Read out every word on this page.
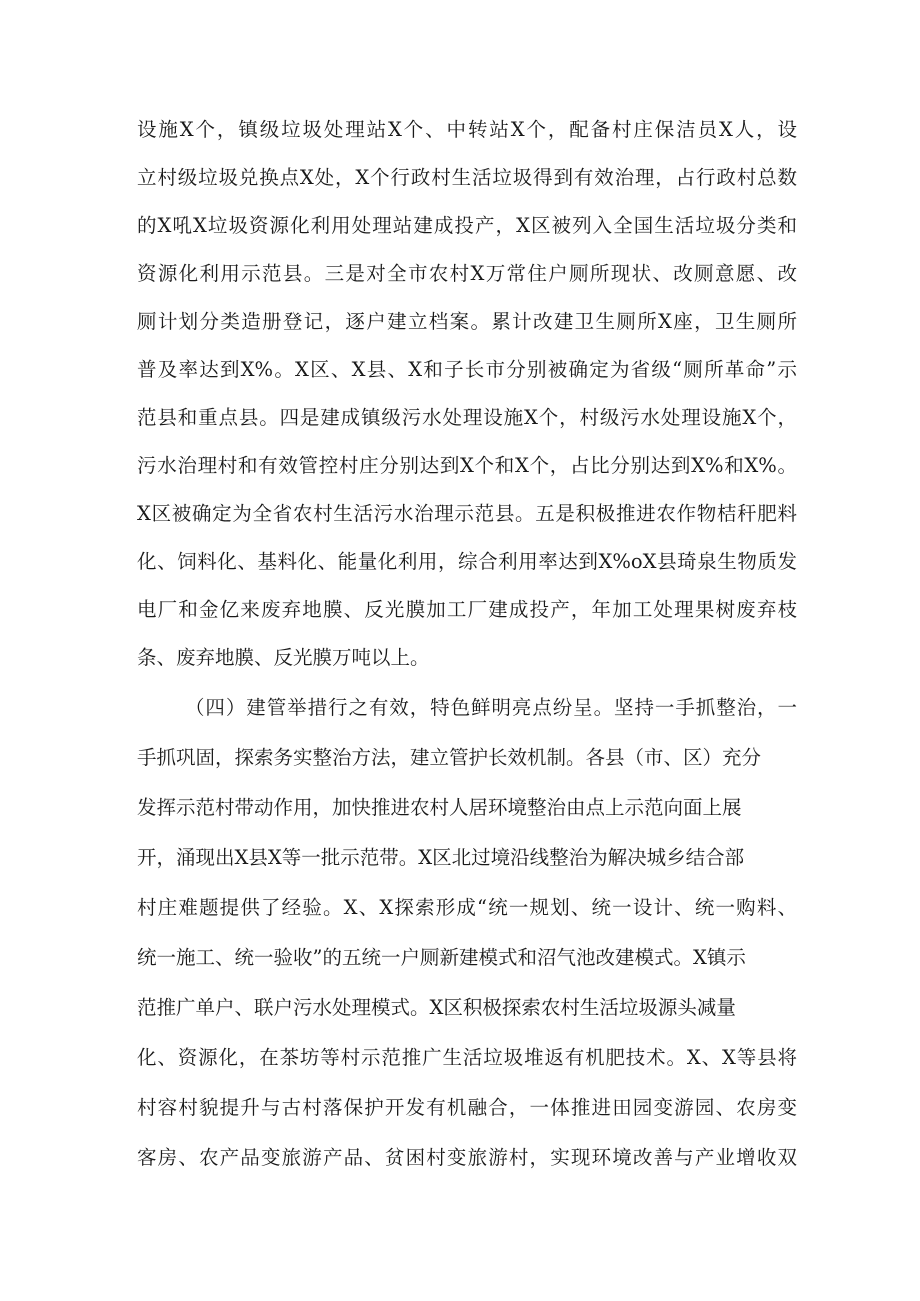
设施X个，镇级垃圾处理站X个、中转站X个，配备村庄保洁员X人，设
立村级垃圾兑换点X处，X个行政村生活垃圾得到有效治理，占行政村总数
的X吼X垃圾资源化利用处理站建成投产，X区被列入全国生活垃圾分类和
资源化利用示范县。三是对全市农村X万常住户厕所现状、改厕意愿、改
厕计划分类造册登记，逐户建立档案。累计改建卫生厕所X座，卫生厕所
普及率达到X%。X区、X县、X和子长市分别被确定为省级“厕所革命”示
范县和重点县。四是建成镇级污水处理设施X个，村级污水处理设施X个，
污水治理村和有效管控村庄分别达到X个和X个，占比分别达到X%和X%。
X区被确定为全省农村生活污水治理示范县。五是积极推进农作物桔秆肥料
化、饲料化、基料化、能量化利用，综合利用率达到X%oX县琦泉生物质发
电厂和金亿来废弃地膜、反光膜加工厂建成投产，年加工处理果树废弃枝
条、废弃地膜、反光膜万吨以上。
（四）建管举措行之有效，特色鲜明亮点纷呈。坚持一手抓整治，一
手抓巩固，探索务实整治方法，建立管护长效机制。各县（市、区）充分
发挥示范村带动作用，加快推进农村人居环境整治由点上示范向面上展
开，涌现出X县X等一批示范带。X区北过境沿线整治为解决城乡结合部
村庄难题提供了经验。X、X探索形成“统一规划、统一设计、统一购料、
统一施工、统一验收”的五统一户厕新建模式和沼气池改建模式。X镇示
范推广单户、联户污水处理模式。X区积极探索农村生活垃圾源头减量
化、资源化，在茶坊等村示范推广生活垃圾堆返有机肥技术。X、X等县将
村容村貌提升与古村落保护开发有机融合，一体推进田园变游园、农房变
客房、农产品变旅游产品、贫困村变旅游村，实现环境改善与产业增收双
